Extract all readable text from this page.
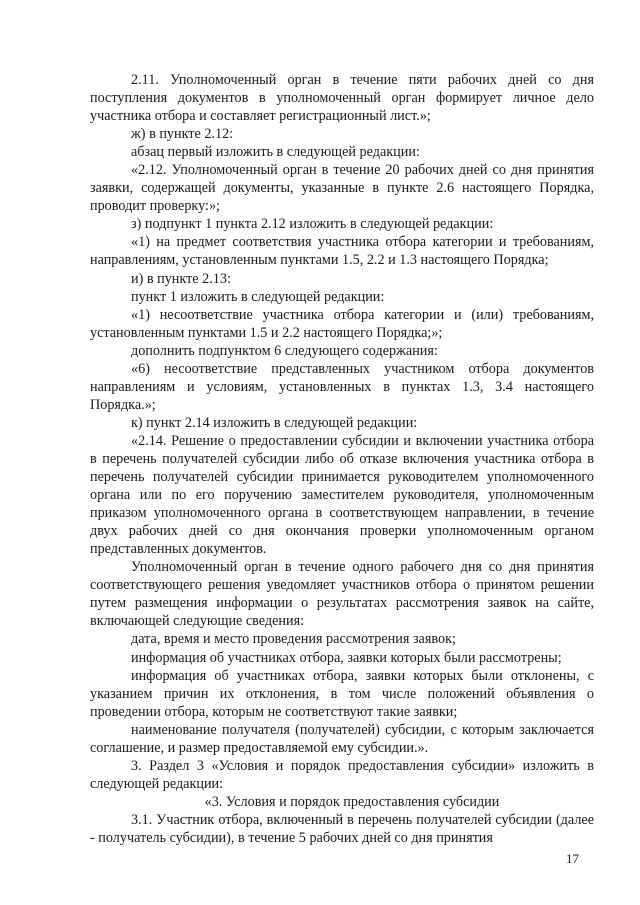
2.11. Уполномоченный орган в течение пяти рабочих дней со дня поступления документов в уполномоченный орган формирует личное дело участника отбора и составляет регистрационный лист.»;

ж) в пункте 2.12:

абзац первый изложить в следующей редакции:

«2.12. Уполномоченный орган в течение 20 рабочих дней со дня принятия заявки, содержащей документы, указанные в пункте 2.6 настоящего Порядка, проводит проверку:»;

з) подпункт 1 пункта 2.12 изложить в следующей редакции:

«1) на предмет соответствия участника отбора категории и требованиям, направлениям, установленным пунктами 1.5, 2.2 и 1.3 настоящего Порядка;

и) в пункте 2.13:

пункт 1 изложить в следующей редакции:

«1) несоответствие участника отбора категории и (или) требованиям, установленным пунктами 1.5 и 2.2 настоящего Порядка;»;

дополнить подпунктом 6 следующего содержания:

«6) несоответствие представленных участником отбора документов направлениям и условиям, установленных в пунктах 1.3, 3.4 настоящего Порядка.»;

к) пункт 2.14 изложить в следующей редакции:

«2.14. Решение о предоставлении субсидии и включении участника отбора в перечень получателей субсидии либо об отказе включения участника отбора в перечень получателей субсидии принимается руководителем уполномоченного органа или по его поручению заместителем руководителя, уполномоченным приказом уполномоченного органа в соответствующем направлении, в течение двух рабочих дней со дня окончания проверки уполномоченным органом представленных документов.

Уполномоченный орган в течение одного рабочего дня со дня принятия соответствующего решения уведомляет участников отбора о принятом решении путем размещения информации о результатах рассмотрения заявок на сайте, включающей следующие сведения:

дата, время и место проведения рассмотрения заявок;

информация об участниках отбора, заявки которых были рассмотрены;

информация об участниках отбора, заявки которых были отклонены, с указанием причин их отклонения, в том числе положений объявления о проведении отбора, которым не соответствуют такие заявки;

наименование получателя (получателей) субсидии, с которым заключается соглашение, и размер предоставляемой ему субсидии.».

3. Раздел 3 «Условия и порядок предоставления субсидии» изложить в следующей редакции:

«3. Условия и порядок предоставления субсидии

3.1. Участник отбора, включенный в перечень получателей субсидии (далее - получатель субсидии), в течение 5 рабочих дней со дня принятия

17
